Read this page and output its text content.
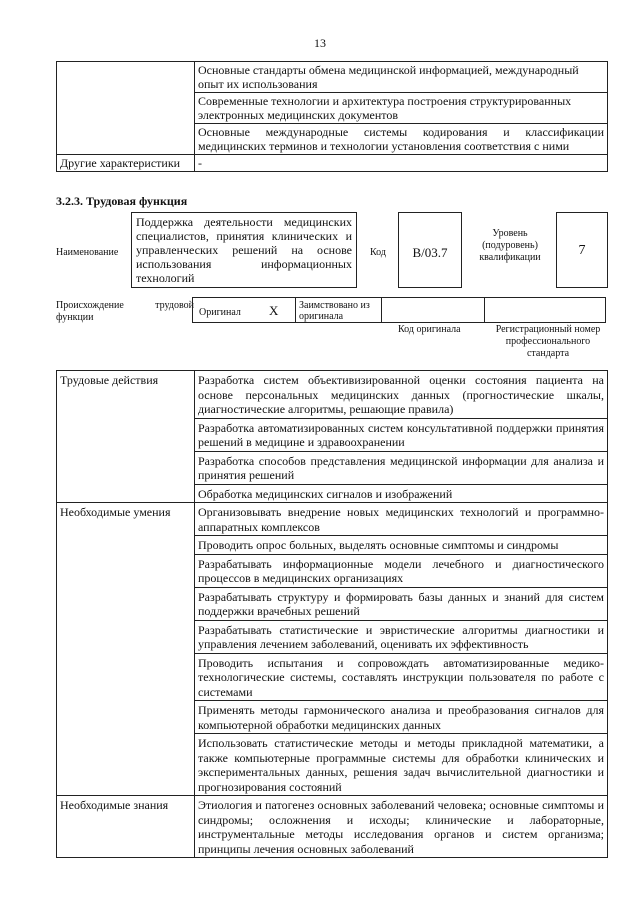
13
	Основные стандарты обмена медицинской информацией, международный опыт их использования
	Современные технологии и архитектура построения структурированных электронных медицинских документов
	Основные международные системы кодирования и классификации медицинских терминов и технологии установления соответствия с ними
Другие характеристики	-
3.2.3. Трудовая функция
Наименование
Поддержка деятельности медицинских специалистов, принятия клинических и управленческих решений на основе использования информационных технологий
Код	B/03.7
Уровень (подуровень) квалификации	7
Происхождение трудовой функции	Оригинал X	Заимствовано из оригинала
Код оригинала	Регистрационный номер профессионального стандарта
Трудовые действия	Разработка систем объективизированной оценки состояния пациента на основе персональных медицинских данных (прогностические шкалы, диагностические алгоритмы, решающие правила)
	Разработка автоматизированных систем консультативной поддержки принятия решений в медицине и здравоохранении
	Разработка способов представления медицинской информации для анализа и принятия решений
	Обработка медицинских сигналов и изображений
Необходимые умения	Организовывать внедрение новых медицинских технологий и программно-аппаратных комплексов
	Проводить опрос больных, выделять основные симптомы и синдромы
	Разрабатывать информационные модели лечебного и диагностического процессов в медицинских организациях
	Разрабатывать структуру и формировать базы данных и знаний для систем поддержки врачебных решений
	Разрабатывать статистические и эвристические алгоритмы диагностики и управления лечением заболеваний, оценивать их эффективность
	Проводить испытания и сопровождать автоматизированные медико-технологические системы, составлять инструкции пользователя по работе с системами
	Применять методы гармонического анализа и преобразования сигналов для компьютерной обработки медицинских данных
	Использовать статистические методы и методы прикладной математики, а также компьютерные программные системы для обработки клинических и экспериментальных данных, решения задач вычислительной диагностики и прогнозирования состояний
Необходимые знания	Этиология и патогенез основных заболеваний человека; основные симптомы и синдромы; осложнения и исходы; клинические и лабораторные, инструментальные методы исследования органов и систем организма; принципы лечения основных заболеваний
